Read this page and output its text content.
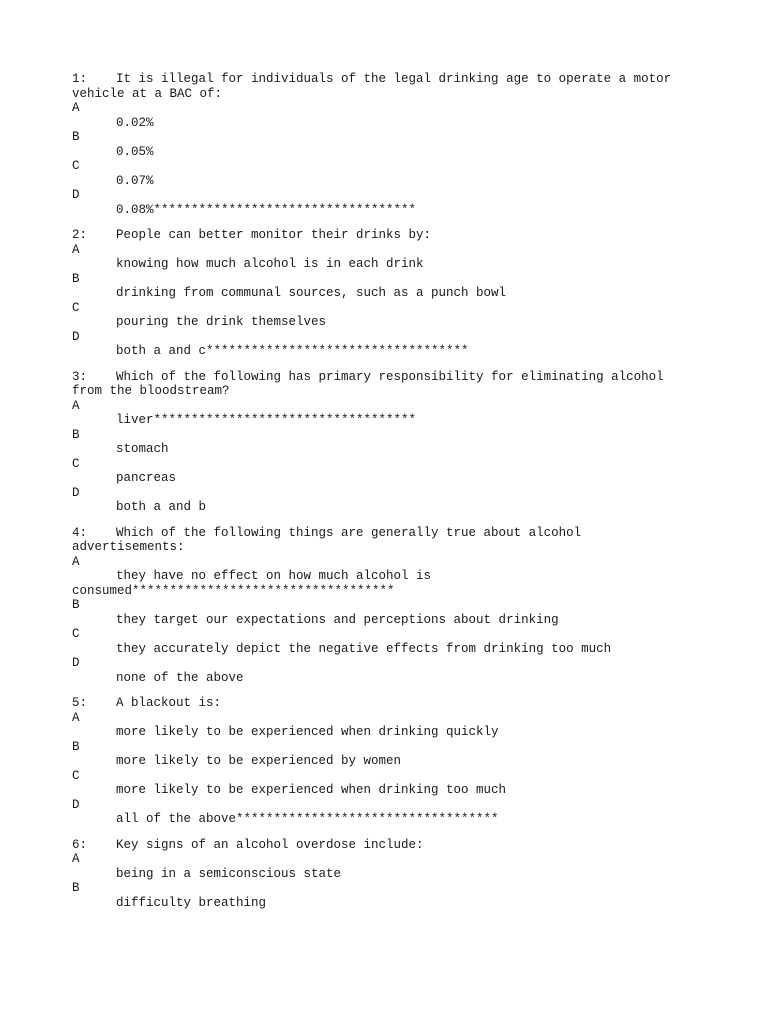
1: It is illegal for individuals of the legal drinking age to operate a motor vehicle at a BAC of:
A
0.02%
B
0.05%
C
0.07%
D
0.08%***********************************
2: People can better monitor their drinks by:
A
knowing how much alcohol is in each drink
B
drinking from communal sources, such as a punch bowl
C
pouring the drink themselves
D
both a and c***********************************
3: Which of the following has primary responsibility for eliminating alcohol from the bloodstream?
A
liver***********************************
B
stomach
C
pancreas
D
both a and b
4: Which of the following things are generally true about alcohol advertisements:
A
they have no effect on how much alcohol is
consumed***********************************
B
they target our expectations and perceptions about drinking
C
they accurately depict the negative effects from drinking too much
D
none of the above
5: A blackout is:
A
more likely to be experienced when drinking quickly
B
more likely to be experienced by women
C
more likely to be experienced when drinking too much
D
all of the above***********************************
6: Key signs of an alcohol overdose include:
A
being in a semiconscious state
B
difficulty breathing
